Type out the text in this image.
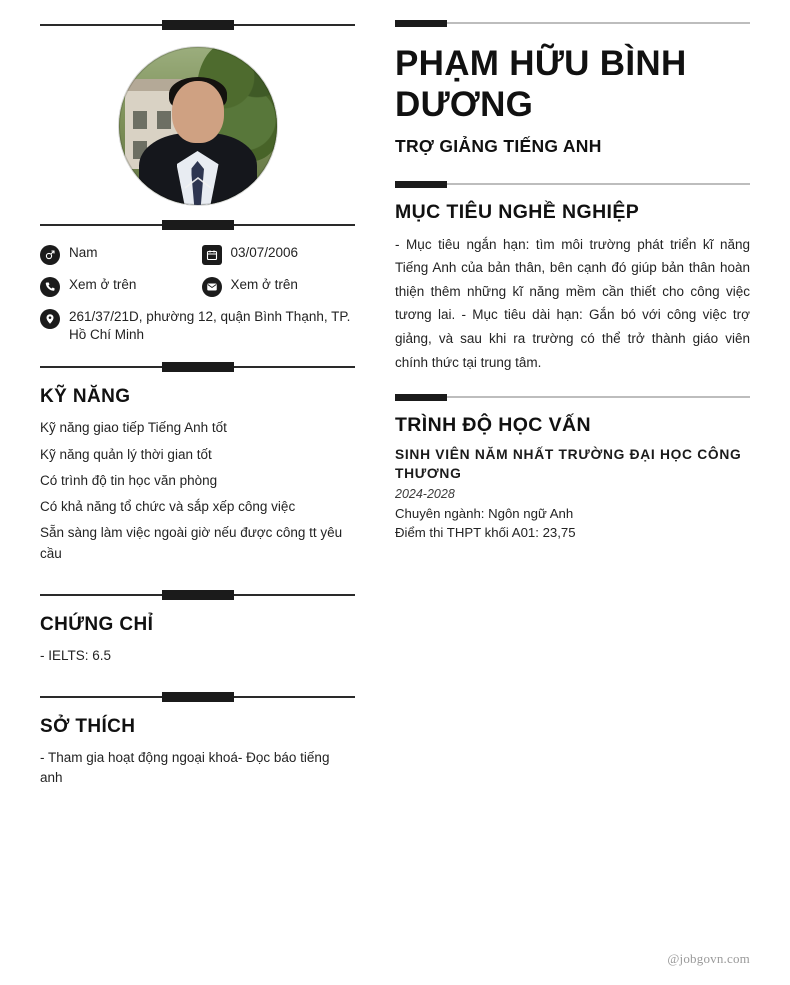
Nam	03/07/2006
Xem ở trên	Xem ở trên
261/37/21D, phường 12, quận Bình Thạnh, TP. Hồ Chí Minh
KỸ NĂNG

Kỹ năng giao tiếp Tiếng Anh tốt

Kỹ năng quản lý thời gian tốt

Có trình độ tin học văn phòng

Có khả năng tổ chức và sắp xếp công việc

Sẵn sàng làm việc ngoài giờ nếu được công tt yêu cầu

CHỨNG CHỈ

- IELTS: 6.5

SỞ THÍCH

- Tham gia hoạt động ngoại khoá- Đọc báo tiếng anh

PHẠM HỮU BÌNH DƯƠNG
TRỢ GIẢNG TIẾNG ANH
MỤC TIÊU NGHỀ NGHIỆP

- Mục tiêu ngắn hạn: tìm môi trường phát triển kĩ năng Tiếng Anh của bản thân, bên cạnh đó giúp bản thân hoàn thiện thêm những kĩ năng mềm cần thiết cho công việc tương lai. - Mục tiêu dài hạn: Gắn bó với công việc trợ giảng, và sau khi ra trường có thể trở thành giáo viên chính thức tại trung tâm.

TRÌNH ĐỘ HỌC VẤN
SINH VIÊN NĂM NHẤT TRƯỜNG ĐẠI HỌC CÔNG THƯƠNG
2024-2028
Chuyên ngành: Ngôn ngữ Anh
Điểm thi THPT khối A01: 23,75
@jobgovn.com
